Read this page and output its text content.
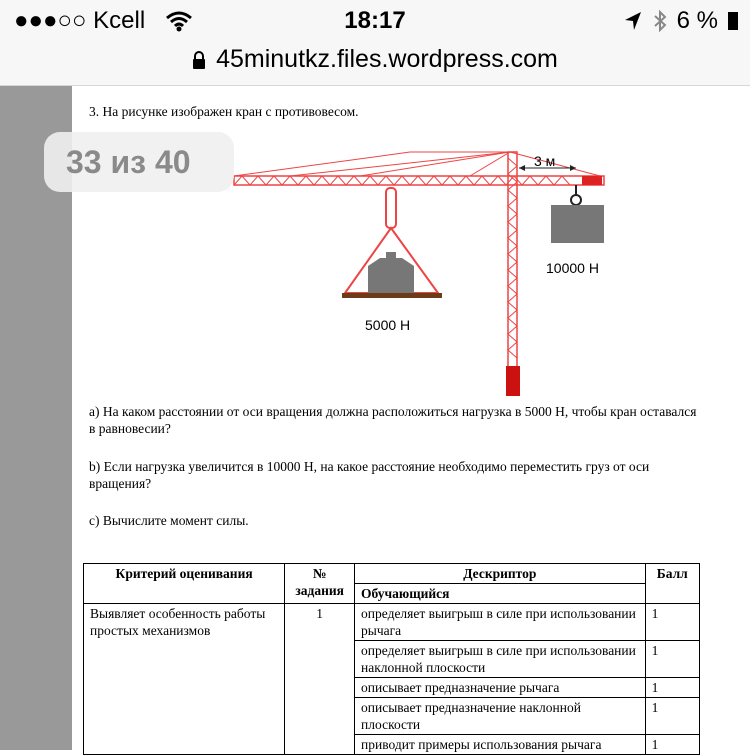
●●●○○ Kcell	18:17	6 %
45minutkz.files.wordpress.com
3. На рисунке изображен кран с противовесом.
3 м
10000 Н
5000 Н
33 из 40
a) На каком расстоянии от оси вращения должна расположиться нагрузка в 5000 Н, чтобы кран оставался в равновесии?
b) Если нагрузка увеличится в 10000 Н, на какое расстояние необходимо переместить груз от оси вращения?
c) Вычислите момент силы.
Критерий оценивания	№ задания	Дескриптор	Балл
		Обучающийся	
Выявляет особенность работы простых механизмов	1	определяет выигрыш в силе при использовании рычага	1
		определяет выигрыш в силе при использовании наклонной плоскости	1
		описывает предназначение рычага	1
		описывает предназначение наклонной плоскости	1
		приводит примеры использования рычага	1
